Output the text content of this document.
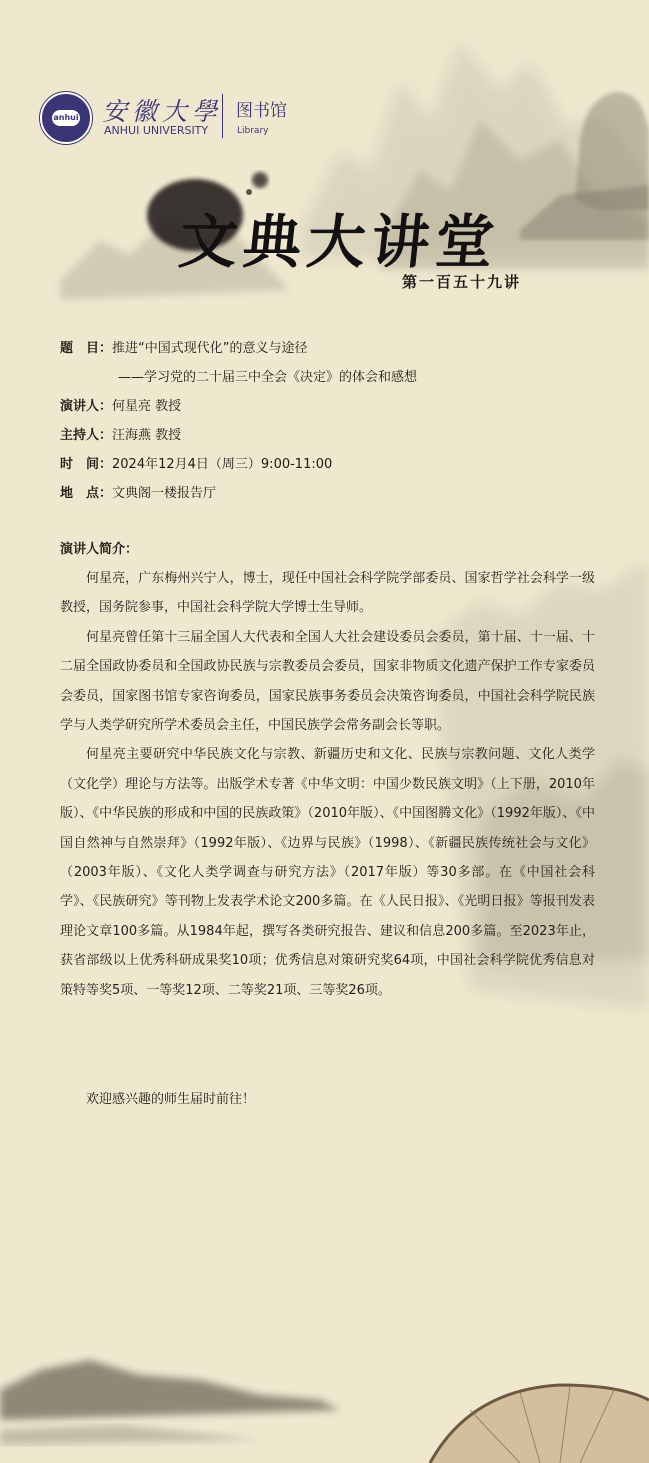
anhui 安徽大學
ANHUI UNIVERSITY
图书馆
Library
文典大讲堂
第一百五十九讲
题　目：推进“中国式现代化”的意义与途径
——学习党的二十届三中全会《决定》的体会和感想
演讲人：何星亮 教授
主持人：汪海燕 教授
时　间：2024年12月4日（周三）9:00-11:00
地　点：文典阁一楼报告厅
演讲人简介：

何星亮，广东梅州兴宁人，博士，现任中国社会科学院学部委员、国家哲学社会科学一级教授，国务院参事，中国社会科学院大学博士生导师。

何星亮曾任第十三届全国人大代表和全国人大社会建设委员会委员，第十届、十一届、十二届全国政协委员和全国政协民族与宗教委员会委员，国家非物质文化遗产保护工作专家委员会委员，国家图书馆专家咨询委员，国家民族事务委员会决策咨询委员，中国社会科学院民族学与人类学研究所学术委员会主任，中国民族学会常务副会长等职。

何星亮主要研究中华民族文化与宗教、新疆历史和文化、民族与宗教问题、文化人类学（文化学）理论与方法等。出版学术专著《中华文明：中国少数民族文明》（上下册，2010年版）、《中华民族的形成和中国的民族政策》（2010年版）、《中国图腾文化》（1992年版）、《中国自然神与自然崇拜》（1992年版）、《边界与民族》（1998）、《新疆民族传统社会与文化》（2003年版）、《文化人类学调查与研究方法》（2017年版）等30多部。在《中国社会科学》、《民族研究》等刊物上发表学术论文200多篇。在《人民日报》、《光明日报》等报刊发表理论文章100多篇。从1984年起，撰写各类研究报告、建议和信息200多篇。至2023年止，获省部级以上优秀科研成果奖10项；优秀信息对策研究奖64项，中国社会科学院优秀信息对策特等奖5项、一等奖12项、二等奖21项、三等奖26项。

欢迎感兴趣的师生届时前往！
